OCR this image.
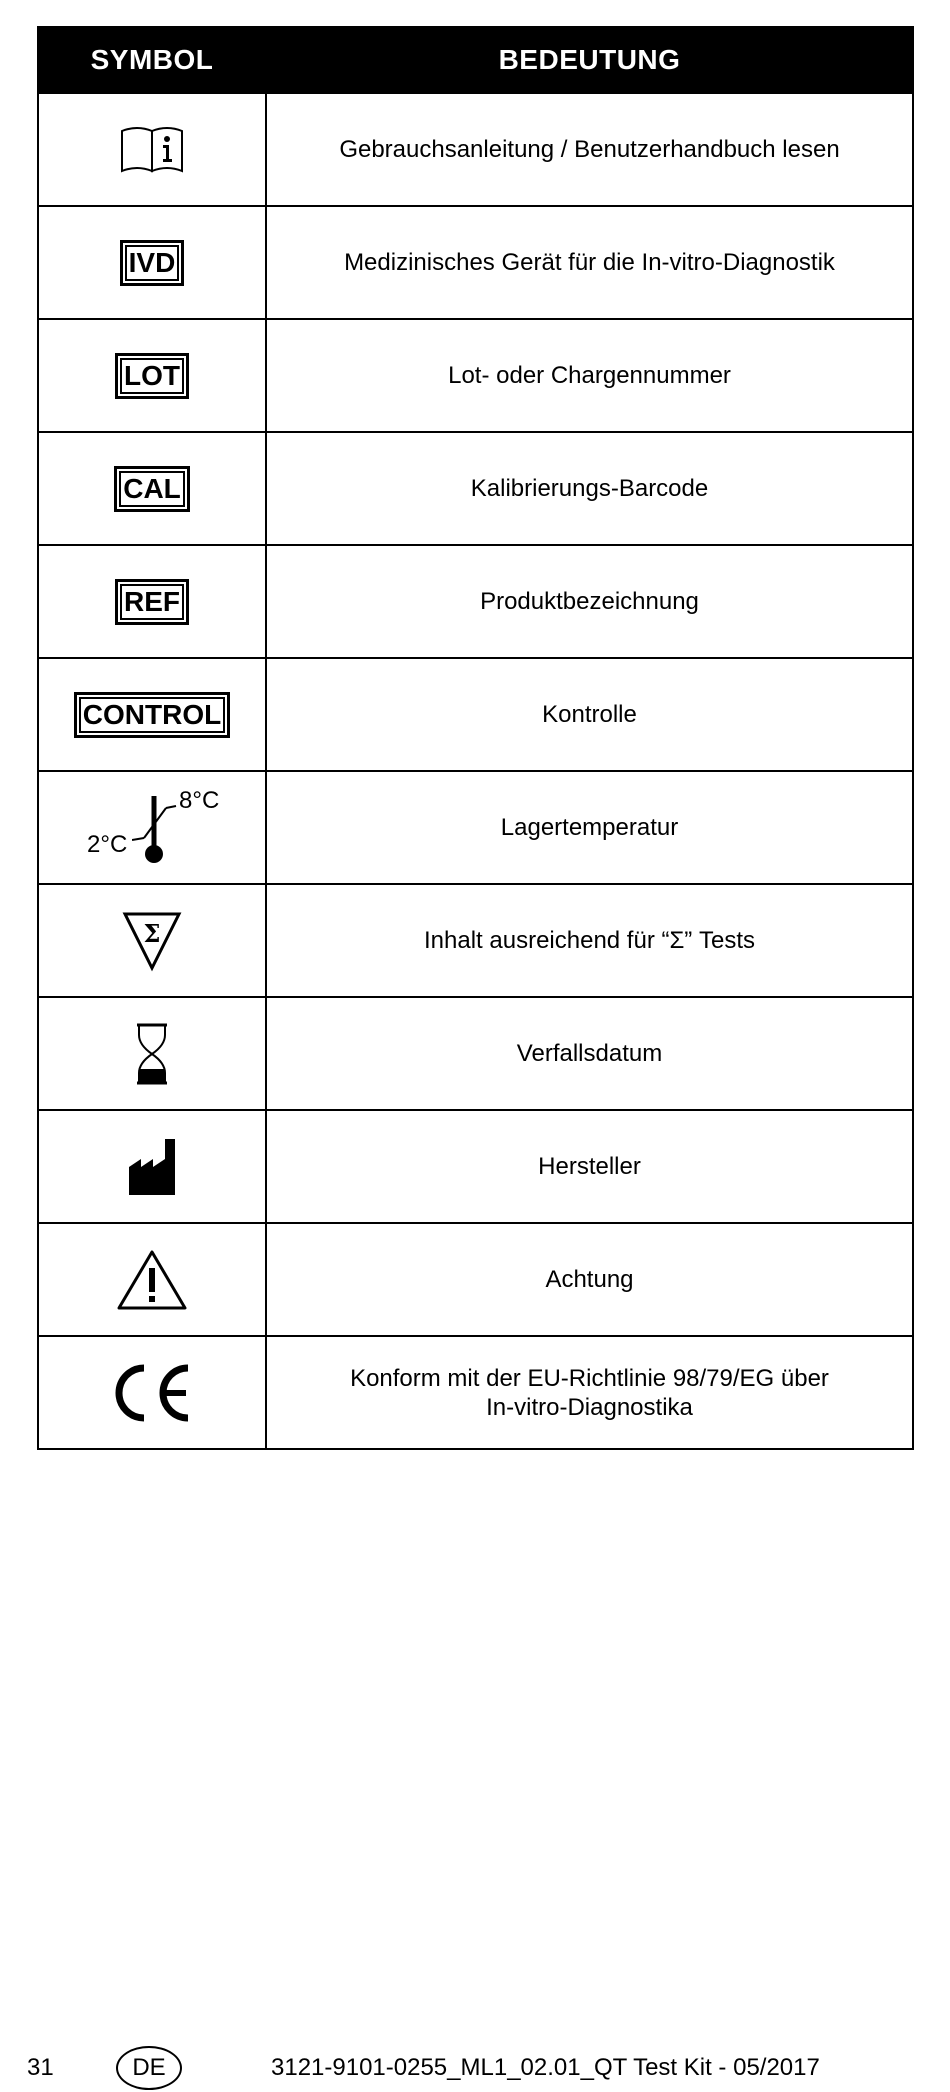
SYMBOL	BEDEUTUNG

	Gebrauchsanleitung / Benutzerhandbuch lesen

IVD	Medizinisches Gerät für die In-vitro-Diagnostik

LOT	Lot- oder Chargennummer

CAL	Kalibrierungs-Barcode

REF	Produktbezeichnung

CONTROL	Kontrolle

2°C
8°C	Lagertemperatur

Σ	Inhalt ausreichend für “Σ” Tests

	Verfallsdatum

	Hersteller

	Achtung

	Konform mit der EU-Richtlinie 98/79/EG über
In-vitro-Diagnostika
31	DE	3121-9101-0255_ML1_02.01_QT Test Kit - 05/2017
